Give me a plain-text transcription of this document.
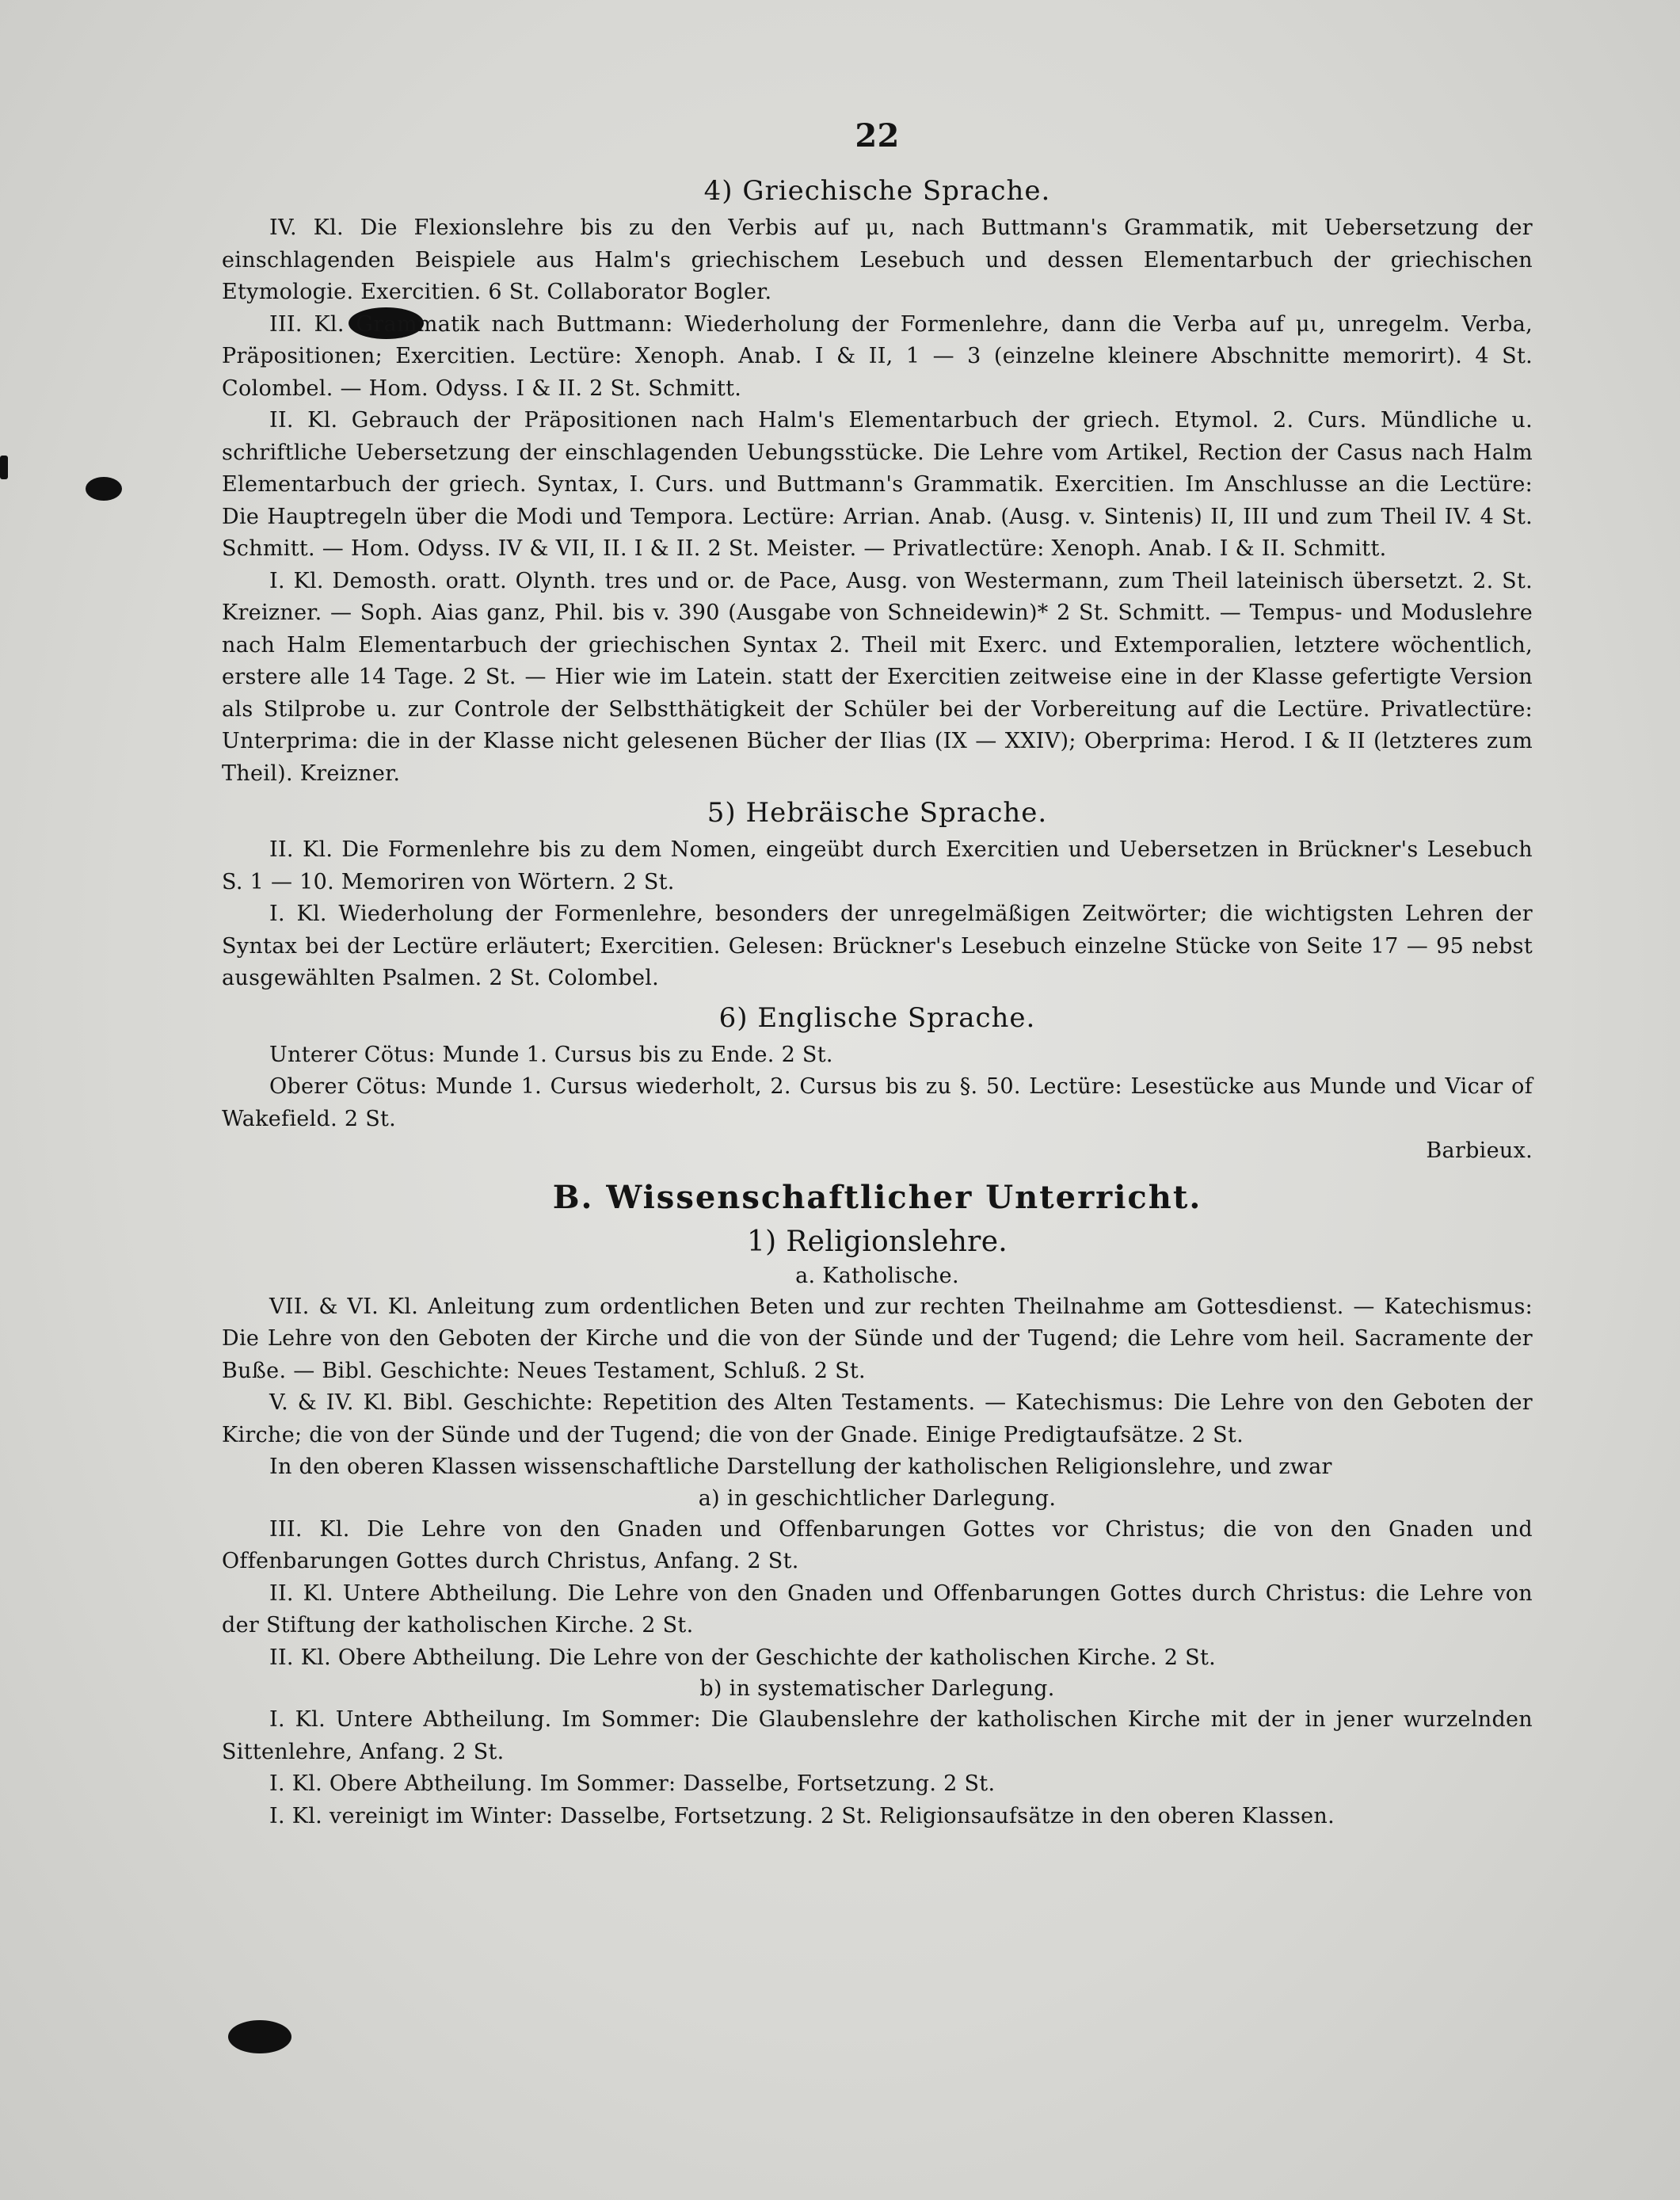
22
4) Griechische Sprache.

IV. Kl. Die Flexionslehre bis zu den Verbis auf μι, nach Buttmann's Grammatik, mit Uebersetzung der einschlagenden Beispiele aus Halm's griechischem Lesebuch und dessen Elementarbuch der griechischen Etymologie. Exercitien. 6 St. Collaborator Bogler.

III. Kl. Grammatik nach Buttmann: Wiederholung der Formenlehre, dann die Verba auf μι, unregelm. Verba, Präpositionen; Exercitien. Lectüre: Xenoph. Anab. I & II, 1 — 3 (einzelne kleinere Abschnitte memorirt). 4 St. Colombel. — Hom. Odyss. I & II. 2 St. Schmitt.

II. Kl. Gebrauch der Präpositionen nach Halm's Elementarbuch der griech. Etymol. 2. Curs. Mündliche u. schriftliche Uebersetzung der einschlagenden Uebungsstücke. Die Lehre vom Artikel, Rection der Casus nach Halm Elementarbuch der griech. Syntax, I. Curs. und Buttmann's Grammatik. Exercitien. Im Anschlusse an die Lectüre: Die Hauptregeln über die Modi und Tempora. Lectüre: Arrian. Anab. (Ausg. v. Sintenis) II, III und zum Theil IV. 4 St. Schmitt. — Hom. Odyss. IV & VII, II. I & II. 2 St. Meister. — Privatlectüre: Xenoph. Anab. I & II. Schmitt.

I. Kl. Demosth. oratt. Olynth. tres und or. de Pace, Ausg. von Westermann, zum Theil lateinisch übersetzt. 2. St. Kreizner. — Soph. Aias ganz, Phil. bis v. 390 (Ausgabe von Schneidewin)* 2 St. Schmitt. — Tempus- und Moduslehre nach Halm Elementarbuch der griechischen Syntax 2. Theil mit Exerc. und Extemporalien, letztere wöchentlich, erstere alle 14 Tage. 2 St. — Hier wie im Latein. statt der Exercitien zeitweise eine in der Klasse gefertigte Version als Stilprobe u. zur Controle der Selbstthätigkeit der Schüler bei der Vorbereitung auf die Lectüre. Privatlectüre: Unterprima: die in der Klasse nicht gelesenen Bücher der Ilias (IX — XXIV); Oberprima: Herod. I & II (letzteres zum Theil). Kreizner.

5) Hebräische Sprache.

II. Kl. Die Formenlehre bis zu dem Nomen, eingeübt durch Exercitien und Uebersetzen in Brückner's Lesebuch S. 1 — 10. Memoriren von Wörtern. 2 St.

I. Kl. Wiederholung der Formenlehre, besonders der unregelmäßigen Zeitwörter; die wichtigsten Lehren der Syntax bei der Lectüre erläutert; Exercitien. Gelesen: Brückner's Lesebuch einzelne Stücke von Seite 17 — 95 nebst ausgewählten Psalmen. 2 St. Colombel.

6) Englische Sprache.

Unterer Cötus: Munde 1. Cursus bis zu Ende. 2 St.

Oberer Cötus: Munde 1. Cursus wiederholt, 2. Cursus bis zu §. 50. Lectüre: Lesestücke aus Munde und Vicar of Wakefield. 2 St.

Barbieux.

B. Wissenschaftlicher Unterricht.
1) Religionslehre.
a. Katholische.

VII. & VI. Kl. Anleitung zum ordentlichen Beten und zur rechten Theilnahme am Gottesdienst. — Katechismus: Die Lehre von den Geboten der Kirche und die von der Sünde und der Tugend; die Lehre vom heil. Sacramente der Buße. — Bibl. Geschichte: Neues Testament, Schluß. 2 St.

V. & IV. Kl. Bibl. Geschichte: Repetition des Alten Testaments. — Katechismus: Die Lehre von den Geboten der Kirche; die von der Sünde und der Tugend; die von der Gnade. Einige Predigtaufsätze. 2 St.

In den oberen Klassen wissenschaftliche Darstellung der katholischen Religionslehre, und zwar

a) in geschichtlicher Darlegung.

III. Kl. Die Lehre von den Gnaden und Offenbarungen Gottes vor Christus; die von den Gnaden und Offenbarungen Gottes durch Christus, Anfang. 2 St.

II. Kl. Untere Abtheilung. Die Lehre von den Gnaden und Offenbarungen Gottes durch Christus: die Lehre von der Stiftung der katholischen Kirche. 2 St.

II. Kl. Obere Abtheilung. Die Lehre von der Geschichte der katholischen Kirche. 2 St.

b) in systematischer Darlegung.

I. Kl. Untere Abtheilung. Im Sommer: Die Glaubenslehre der katholischen Kirche mit der in jener wurzelnden Sittenlehre, Anfang. 2 St.

I. Kl. Obere Abtheilung. Im Sommer: Dasselbe, Fortsetzung. 2 St.

I. Kl. vereinigt im Winter: Dasselbe, Fortsetzung. 2 St. Religionsaufsätze in den oberen Klassen.
